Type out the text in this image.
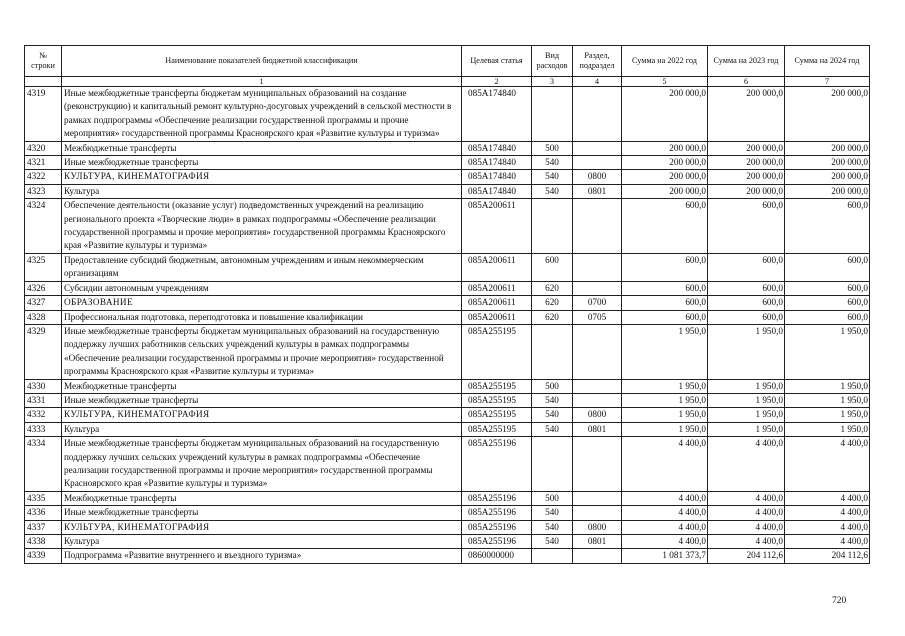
№ строки	Наименование показателей бюджетной классификации	Целевая статья	Вид расходов	Раздел, подраздел	Сумма на 2022 год	Сумма на 2023 год	Сумма на 2024 год
	1	2	3	4	5	6	7
4319	Иные межбюджетные трансферты бюджетам муниципальных образований на создание (реконструкцию) и капитальный ремонт культурно-досуговых учреждений в сельской местности в рамках подпрограммы «Обеспечение реализации государственной программы и прочие мероприятия» государственной программы Красноярского края «Развитие культуры и туризма»	085A174840			200 000,0	200 000,0	200 000,0
4320	Межбюджетные трансферты	085A174840	500		200 000,0	200 000,0	200 000,0
4321	Иные межбюджетные трансферты	085A174840	540		200 000,0	200 000,0	200 000,0
4322	КУЛЬТУРА, КИНЕМАТОГРАФИЯ	085A174840	540	0800	200 000,0	200 000,0	200 000,0
4323	Культура	085A174840	540	0801	200 000,0	200 000,0	200 000,0
4324	Обеспечение деятельности (оказание услуг) подведомственных учреждений на реализацию регионального проекта «Творческие люди» в рамках подпрограммы «Обеспечение реализации государственной программы и прочие мероприятия» государственной программы Красноярского края «Развитие культуры и туризма»	085A200611			600,0	600,0	600,0
4325	Предоставление субсидий бюджетным, автономным учреждениям и иным некоммерческим организациям	085A200611	600		600,0	600,0	600,0
4326	Субсидии автономным учреждениям	085A200611	620		600,0	600,0	600,0
4327	ОБРАЗОВАНИЕ	085A200611	620	0700	600,0	600,0	600,0
4328	Профессиональная подготовка, переподготовка и повышение квалификации	085A200611	620	0705	600,0	600,0	600,0
4329	Иные межбюджетные трансферты бюджетам муниципальных образований на государственную поддержку лучших работников сельских учреждений культуры в рамках подпрограммы «Обеспечение реализации государственной программы и прочие мероприятия» государственной программы Красноярского края «Развитие культуры и туризма»	085A255195			1 950,0	1 950,0	1 950,0
4330	Межбюджетные трансферты	085A255195	500		1 950,0	1 950,0	1 950,0
4331	Иные межбюджетные трансферты	085A255195	540		1 950,0	1 950,0	1 950,0
4332	КУЛЬТУРА, КИНЕМАТОГРАФИЯ	085A255195	540	0800	1 950,0	1 950,0	1 950,0
4333	Культура	085A255195	540	0801	1 950,0	1 950,0	1 950,0
4334	Иные межбюджетные трансферты бюджетам муниципальных образований на государственную поддержку лучших сельских учреждений культуры в рамках подпрограммы «Обеспечение реализации государственной программы и прочие мероприятия» государственной программы Красноярского края «Развитие культуры и туризма»	085A255196			4 400,0	4 400,0	4 400,0
4335	Межбюджетные трансферты	085A255196	500		4 400,0	4 400,0	4 400,0
4336	Иные межбюджетные трансферты	085A255196	540		4 400,0	4 400,0	4 400,0
4337	КУЛЬТУРА, КИНЕМАТОГРАФИЯ	085A255196	540	0800	4 400,0	4 400,0	4 400,0
4338	Культура	085A255196	540	0801	4 400,0	4 400,0	4 400,0
4339	Подпрограмма «Развитие внутреннего и въездного туризма»	0860000000			1 081 373,7	204 112,6	204 112,6
720
